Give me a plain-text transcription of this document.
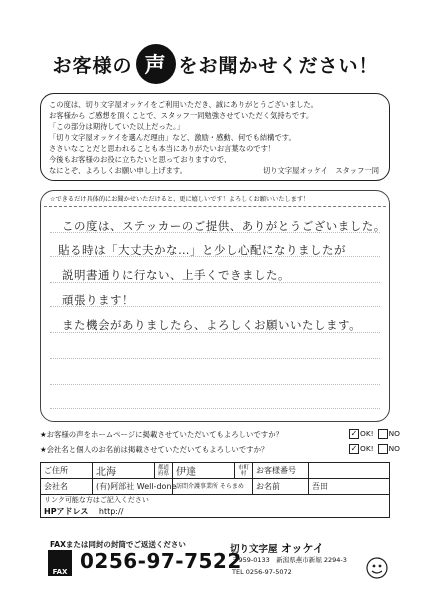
お客様の 声 をお聞かせください！
この度は、切り文字屋オッケイをご利用いただき、誠にありがとうございました。
お客様から ご感想を頂くことで、スタッフ一同勉強させていただく気持ちです。
「この部分は期待していた以上だった。」
「切り文字屋オッケイを選んだ理由」など、激励・感動、何でも結構です。
ささいなことだと思われることも本当にありがたいお言葉なのです！
今後もお客様のお役に立ちたいと思っておりますので、
なにとぞ、よろしくお願い申し上げます。	切り文字屋オッケイ　スタッフ一同
☆できるだけ具体的にお聞かせいただけると、更に嬉しいです！よろしくお願いいたします！
この度は、ステッカーのご提供、ありがとうございました。
貼る時は「大丈夫かな…」と少し心配になりましたが
説明書通りに行ない、上手くできました。
頑張ります！
また機会がありましたら、よろしくお願いいたします。
★お客様の声をホームページに掲載させていただいてもよろしいですか？	✓ OK!	NO
★会社名と個人のお名前は掲載させていただいてもよろしいですか？	✓ OK!	NO
ご住所	北海	都道府県	伊達	市町村	お客様番号	
会社名	(有)阿部社 Well-done		訪問介護事業所 そらまめ		お名前	吾田
リンク可能な方はご記入ください						
HPアドレス http://						
FAXまたは同封の封筒でご返送ください
FAX 0256-97-7522
切り文字屋 オッケイ
〒959-0133　新潟県燕市新堀 2294-3
TEL 0256-97-5072
